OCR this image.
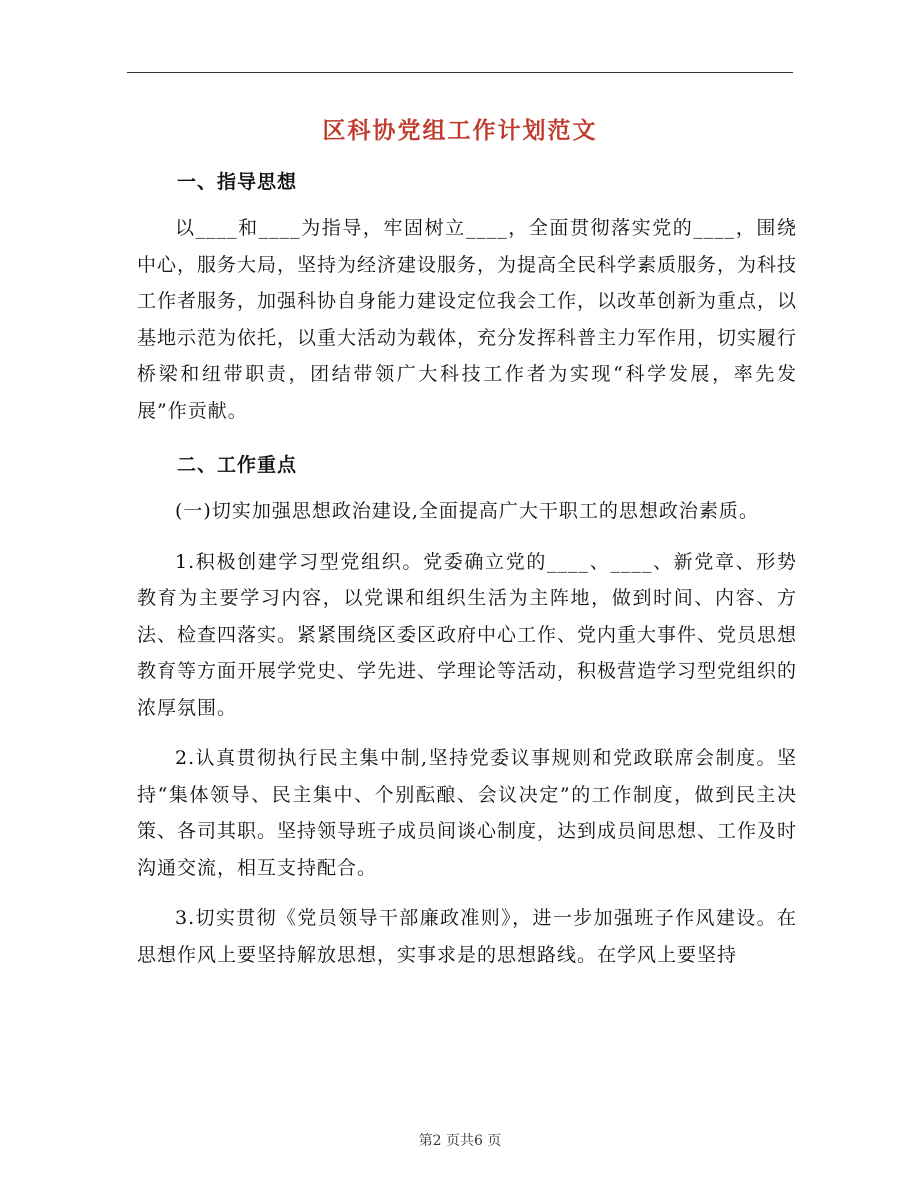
区科协党组工作计划范文
一、指导思想

以____和____为指导，牢固树立____，全面贯彻落实党的____，围绕中心，服务大局，坚持为经济建设服务，为提高全民科学素质服务，为科技工作者服务，加强科协自身能力建设定位我会工作，以改革创新为重点，以基地示范为依托，以重大活动为载体，充分发挥科普主力军作用，切实履行桥梁和纽带职责，团结带领广大科技工作者为实现“科学发展，率先发展”作贡献。

二、工作重点

(一)切实加强思想政治建设,全面提高广大干职工的思想政治素质。

1.积极创建学习型党组织。党委确立党的____、____、新党章、形势教育为主要学习内容，以党课和组织生活为主阵地，做到时间、内容、方法、检查四落实。紧紧围绕区委区政府中心工作、党内重大事件、党员思想教育等方面开展学党史、学先进、学理论等活动，积极营造学习型党组织的浓厚氛围。

2.认真贯彻执行民主集中制,坚持党委议事规则和党政联席会制度。坚持“集体领导、民主集中、个别酝酿、会议决定”的工作制度，做到民主决策、各司其职。坚持领导班子成员间谈心制度，达到成员间思想、工作及时沟通交流，相互支持配合。

3.切实贯彻《党员领导干部廉政准则》，进一步加强班子作风建设。在思想作风上要坚持解放思想，实事求是的思想路线。在学风上要坚持

第2 页共6 页
